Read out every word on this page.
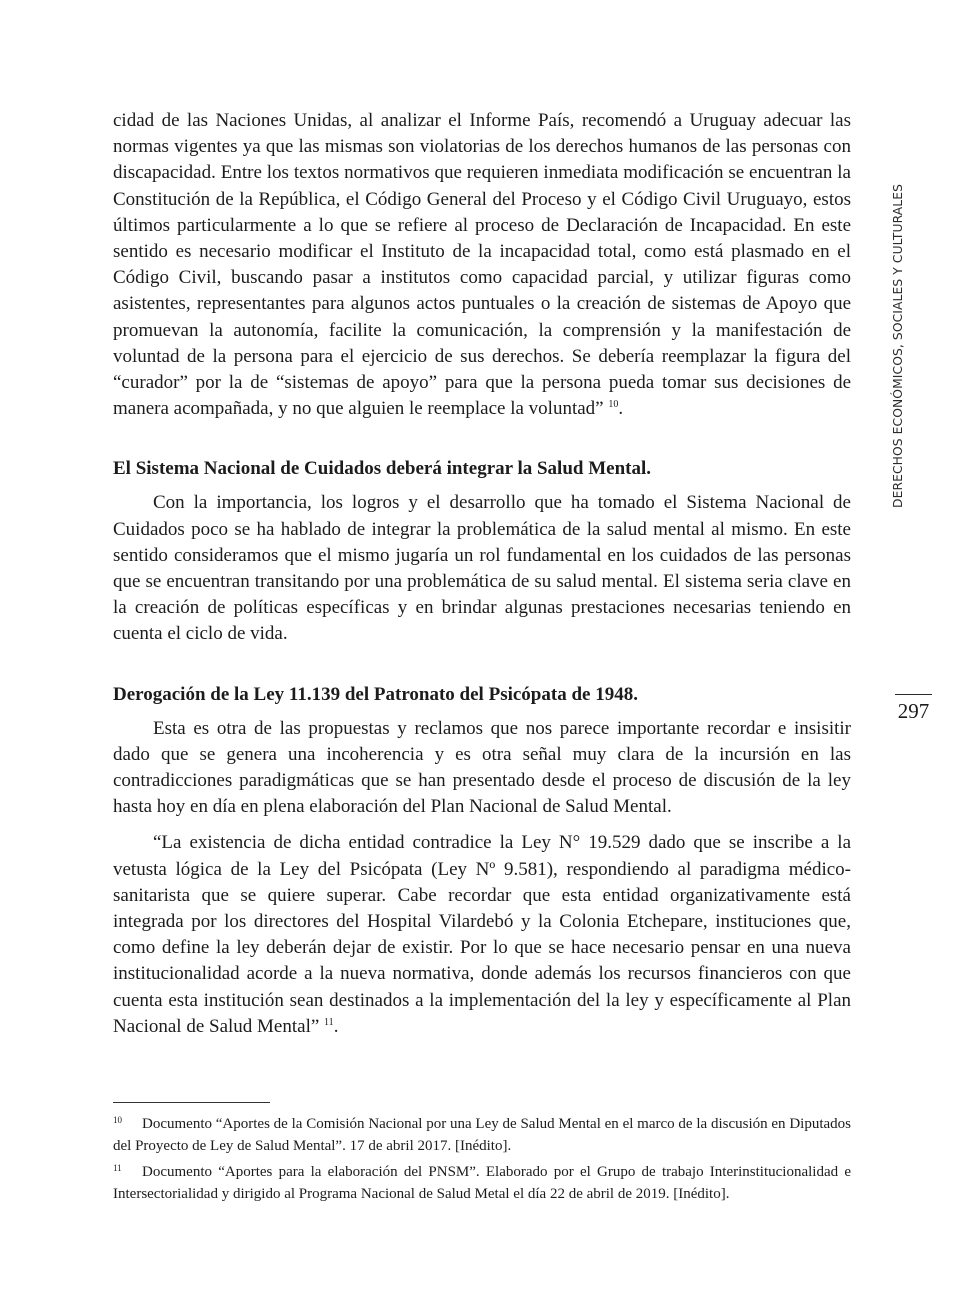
cidad de las Naciones Unidas, al analizar el Informe País, recomendó a Uruguay adecuar las normas vigentes ya que las mismas son violatorias de los derechos humanos de las personas con discapacidad. Entre los textos normativos que requieren inmediata modificación se encuentran la Constitución de la República, el Código General del Proceso y el Código Civil Uruguayo, estos últimos particularmente a lo que se refiere al proceso de Declaración de Incapacidad. En este sentido es necesario modificar el Instituto de la incapacidad total, como está plasmado en el Código Civil, buscando pasar a institutos como capacidad parcial, y utilizar figuras como asistentes, representantes para algunos actos puntuales o la creación de sistemas de Apoyo que promuevan la autonomía, facilite la comunicación, la comprensión y la manifestación de voluntad de la persona para el ejercicio de sus derechos. Se debería reemplazar la figura del “curador” por la de “sistemas de apoyo” para que la persona pueda tomar sus decisiones de manera acompañada, y no que alguien le reemplace la voluntad” $^{10}$.

El Sistema Nacional de Cuidados deberá integrar la Salud Mental.

Con la importancia, los logros y el desarrollo que ha tomado el Sistema Nacional de Cuidados poco se ha hablado de integrar la problemática de la salud mental al mismo. En este sentido consideramos que el mismo jugaría un rol fundamental en los cuidados de las personas que se encuentran transitando por una problemática de su salud mental. El sistema seria clave en la creación de políticas específicas y en brindar algunas prestaciones necesarias teniendo en cuenta el ciclo de vida.

Derogación de la Ley 11.139 del Patronato del Psicópata de 1948.

Esta es otra de las propuestas y reclamos que nos parece importante recordar e insisitir dado que se genera una incoherencia y es otra señal muy clara de la incursión en las contradicciones paradigmáticas que se han presentado desde el proceso de discusión de la ley hasta hoy en día en plena elaboración del Plan Nacional de Salud Mental.

“La existencia de dicha entidad contradice la Ley N° 19.529 dado que se inscribe a la vetusta lógica de la Ley del Psicópata (Ley Nº 9.581), respondiendo al paradigma médico-sanitarista que se quiere superar. Cabe recordar que esta entidad organizativamente está integrada por los directores del Hospital Vilardebó y la Colonia Etchepare, instituciones que, como define la ley deberán dejar de existir. Por lo que se hace necesario pensar en una nueva institucionalidad acorde a la nueva normativa, donde además los recursos financieros con que cuenta esta institución sean destinados a la implementación del la ley y específicamente al Plan Nacional de Salud Mental” $^{11}$.

10 Documento “Aportes de la Comisión Nacional por una Ley de Salud Mental en el marco de la discusión en Diputados del Proyecto de Ley de Salud Mental”. 17 de abril 2017. [Inédito].

11 Documento “Aportes para la elaboración del PNSM”. Elaborado por el Grupo de trabajo Interinstitucionalidad e Intersectorialidad y dirigido al Programa Nacional de Salud Metal el día 22 de abril de 2019. [Inédito].

DERECHOS ECONÓMICOS, SOCIALES Y CULTURALES
297
